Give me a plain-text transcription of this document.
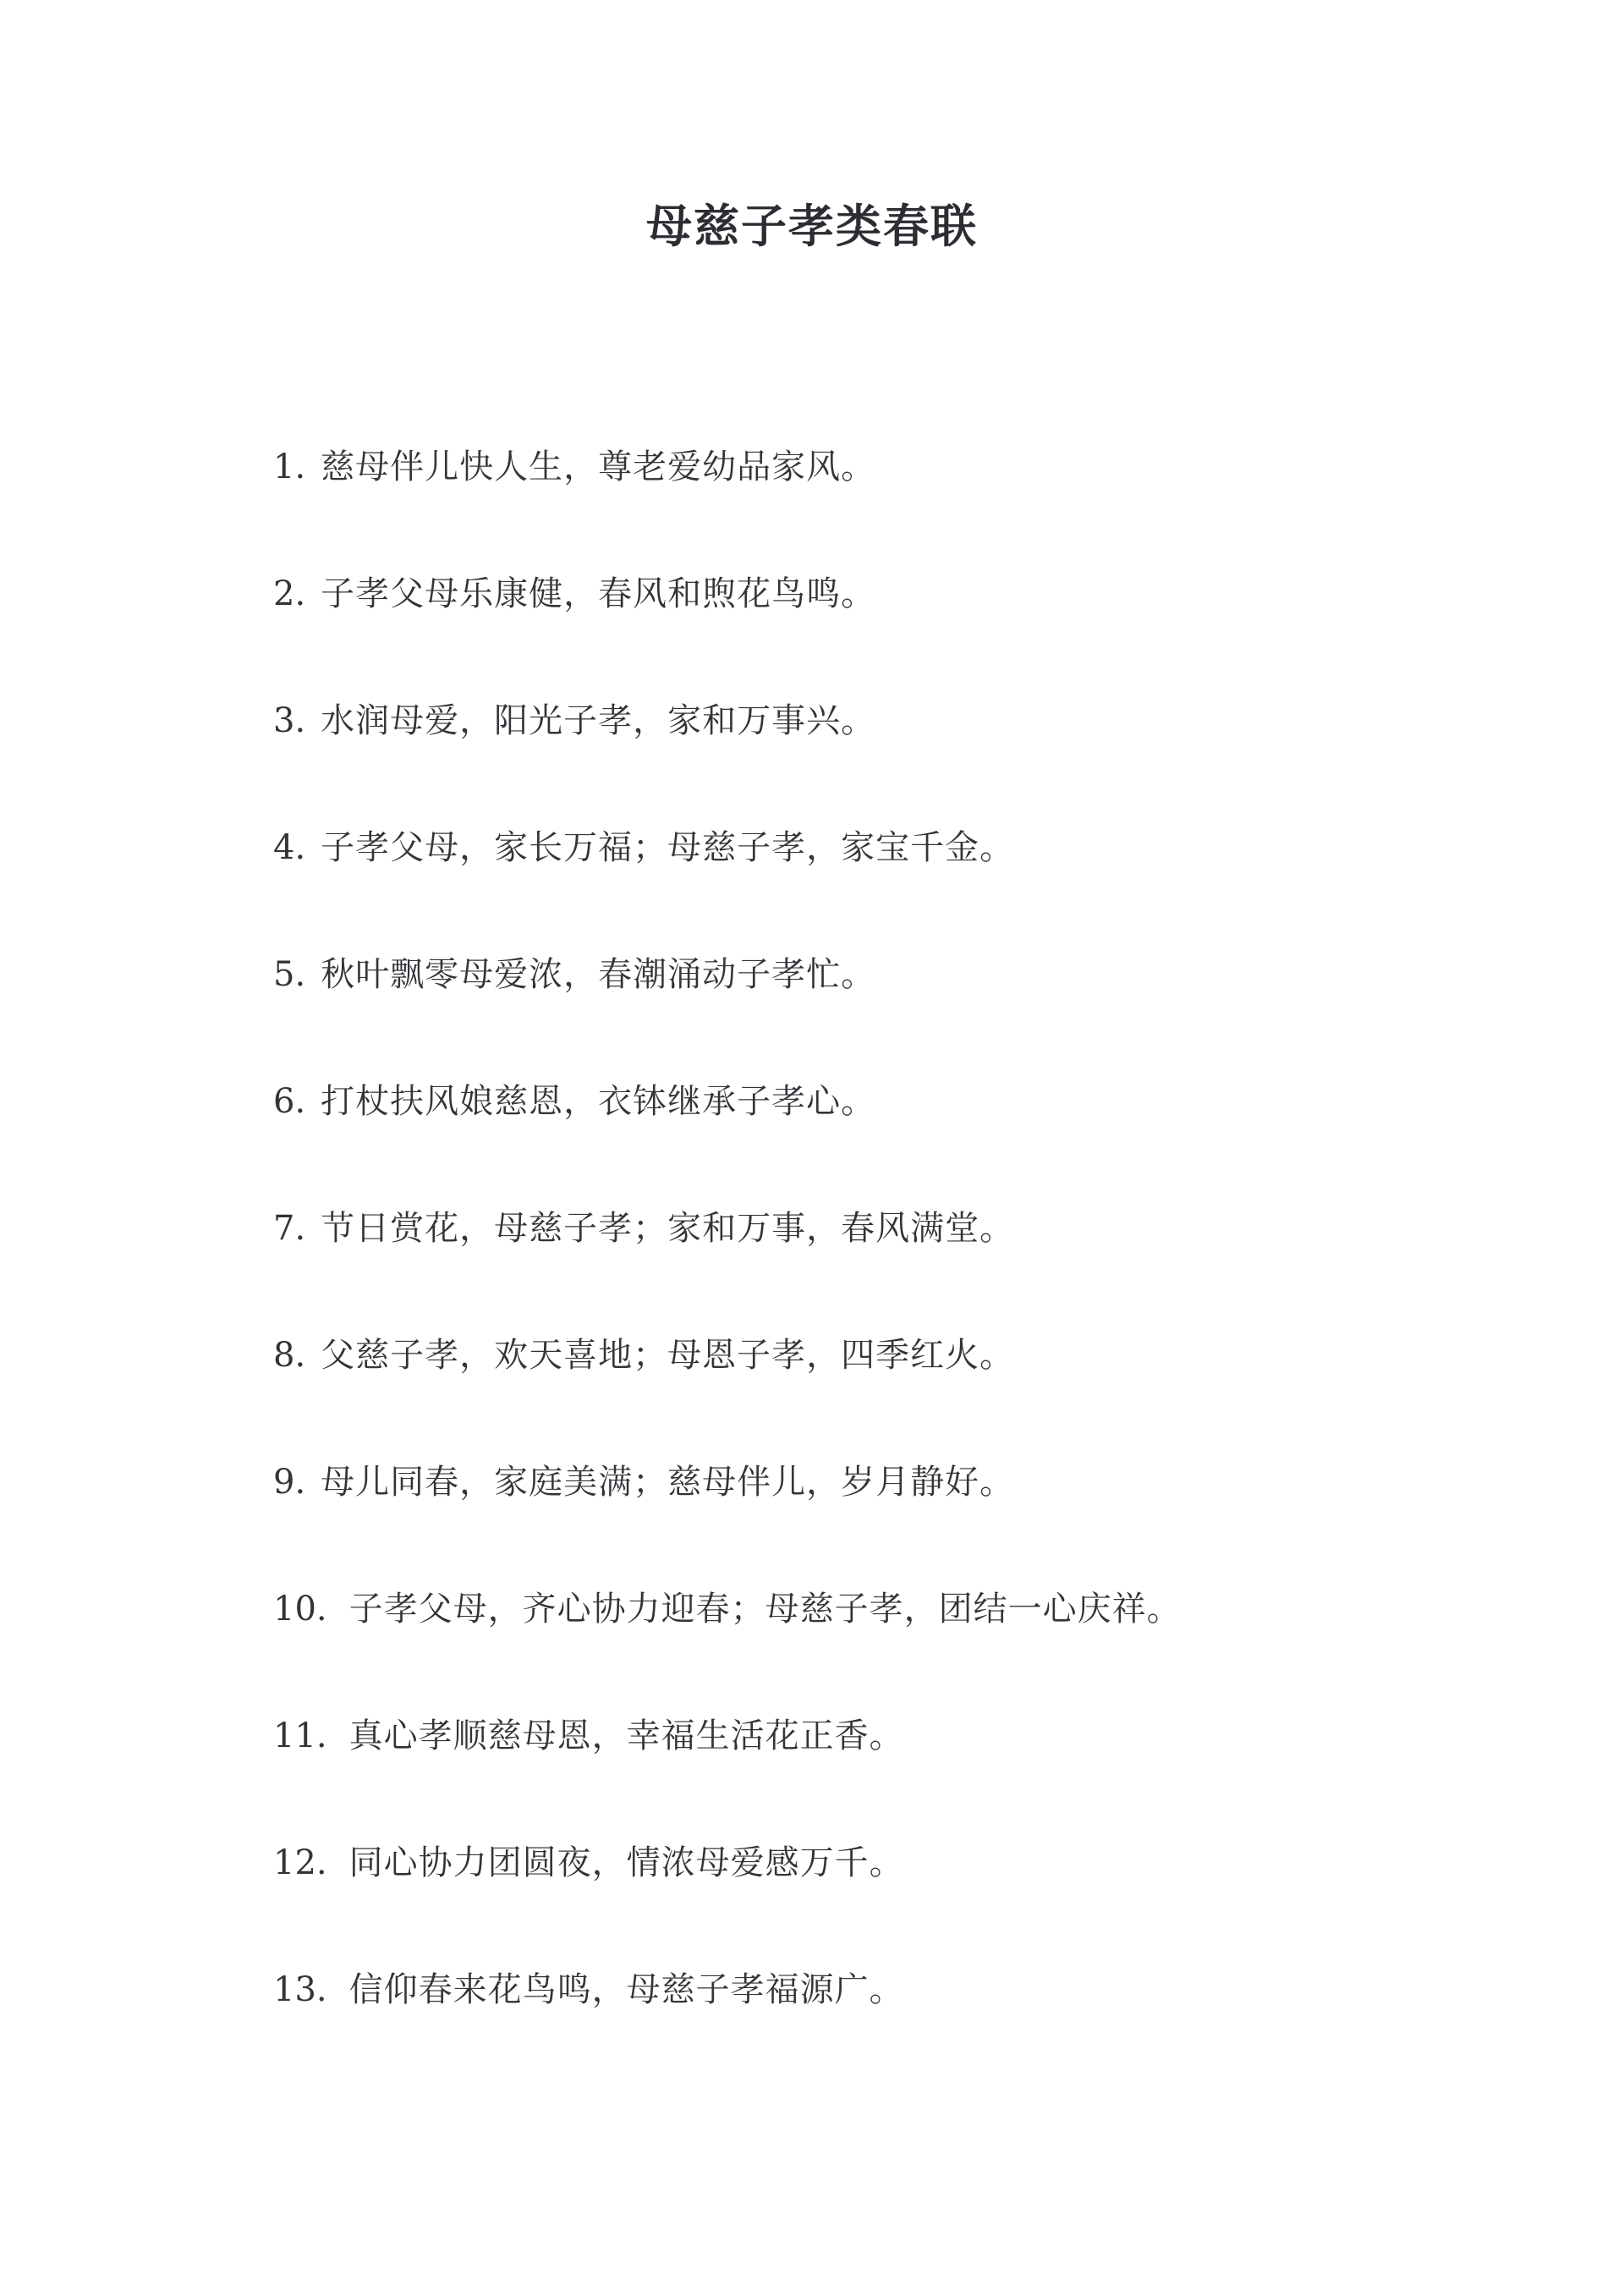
母慈子孝类春联
1. 慈母伴儿快人生，尊老爱幼品家风。
2. 子孝父母乐康健，春风和煦花鸟鸣。
3. 水润母爱，阳光子孝，家和万事兴。
4. 子孝父母，家长万福；母慈子孝，家宝千金。
5. 秋叶飘零母爱浓，春潮涌动子孝忙。
6. 打杖扶风娘慈恩，衣钵继承子孝心。
7. 节日赏花，母慈子孝；家和万事，春风满堂。
8. 父慈子孝，欢天喜地；母恩子孝，四季红火。
9. 母儿同春，家庭美满；慈母伴儿，岁月静好。
10. 子孝父母，齐心协力迎春；母慈子孝，团结一心庆祥。
11. 真心孝顺慈母恩，幸福生活花正香。
12. 同心协力团圆夜，情浓母爱感万千。
13. 信仰春来花鸟鸣，母慈子孝福源广。
